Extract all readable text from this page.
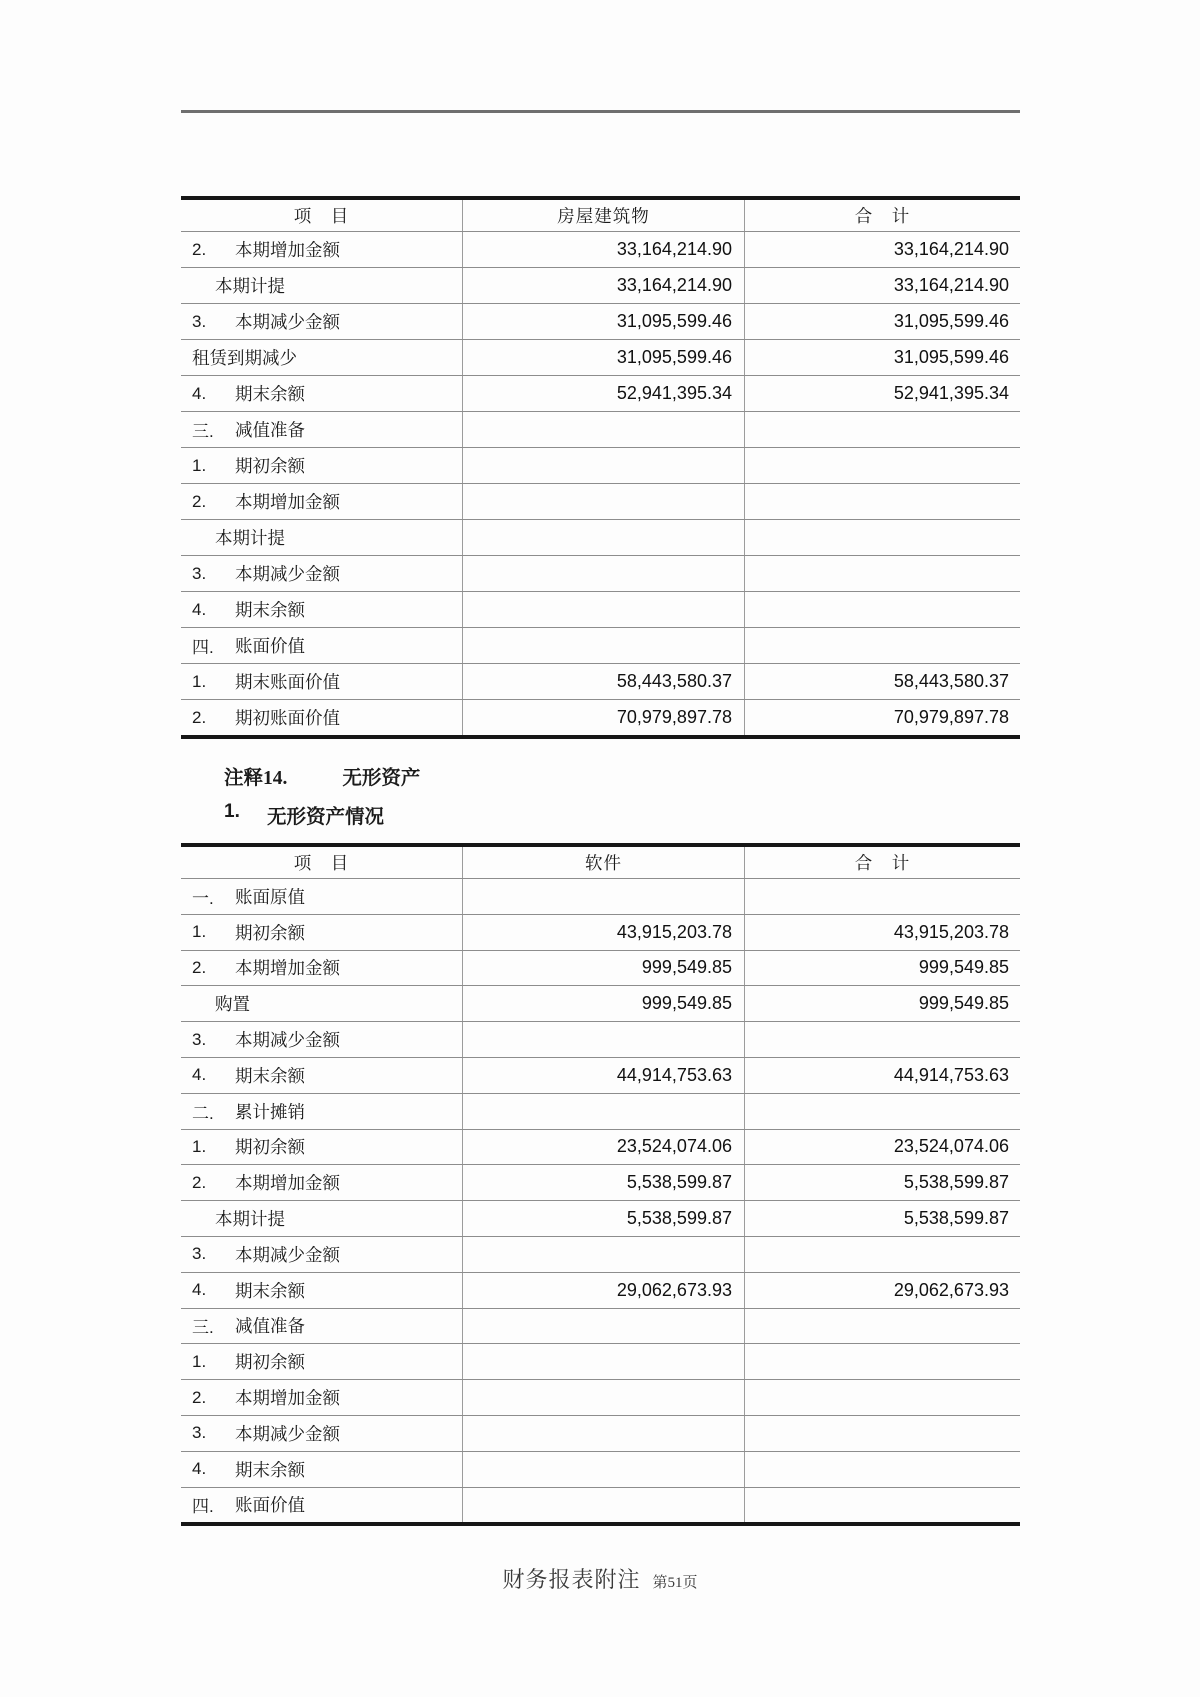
项　目	房屋建筑物	合　计
2.	本期增加金额	33,164,214.90	33,164,214.90
本期计提	33,164,214.90	33,164,214.90
3.	本期减少金额	31,095,599.46	31,095,599.46
租赁到期减少	31,095,599.46	31,095,599.46
4.	期末余额	52,941,395.34	52,941,395.34
三.	减值准备
1.	期初余额
2.	本期增加金额
本期计提
3.	本期减少金额
4.	期末余额
四.	账面价值
1.	期末账面价值	58,443,580.37	58,443,580.37
2.	期初账面价值	70,979,897.78	70,979,897.78
注释14.	无形资产
1.	无形资产情况
项　目	软件	合　计
一.	账面原值
1.	期初余额	43,915,203.78	43,915,203.78
2.	本期增加金额	999,549.85	999,549.85
购置	999,549.85	999,549.85
3.	本期减少金额
4.	期末余额	44,914,753.63	44,914,753.63
二.	累计摊销
1.	期初余额	23,524,074.06	23,524,074.06
2.	本期增加金额	5,538,599.87	5,538,599.87
本期计提	5,538,599.87	5,538,599.87
3.	本期减少金额
4.	期末余额	29,062,673.93	29,062,673.93
三.	减值准备
1.	期初余额
2.	本期增加金额
3.	本期减少金额
4.	期末余额
四.	账面价值
财务报表附注 第51页
